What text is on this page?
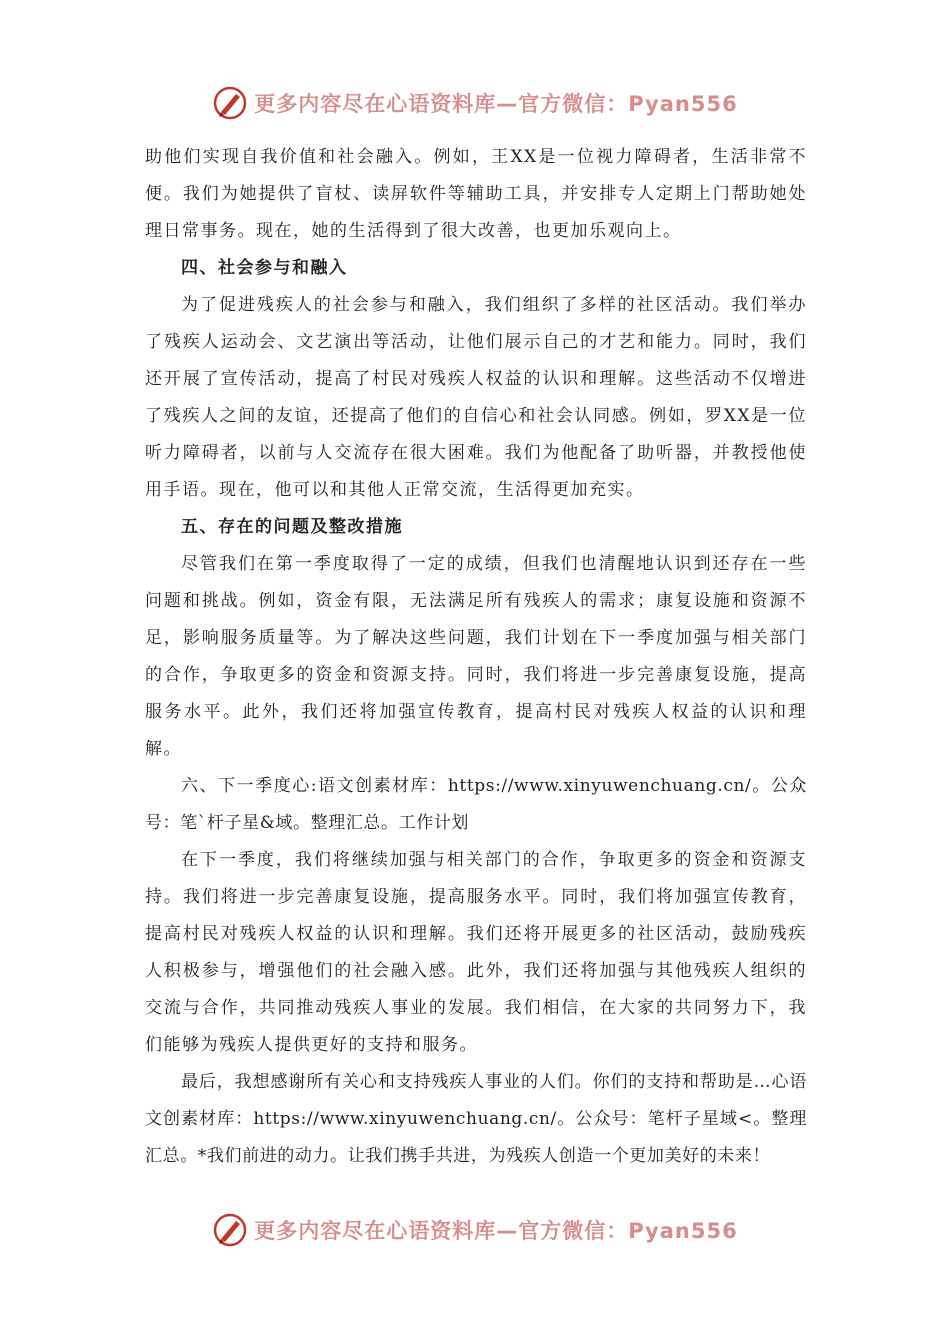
更多内容尽在心语资料库—官方微信：Pyan556

助他们实现自我价值和社会融入。例如，王XX是一位视力障碍者，生活非常不便。我们为她提供了盲杖、读屏软件等辅助工具，并安排专人定期上门帮助她处理日常事务。现在，她的生活得到了很大改善，也更加乐观向上。

四、社会参与和融入

为了促进残疾人的社会参与和融入，我们组织了多样的社区活动。我们举办了残疾人运动会、文艺演出等活动，让他们展示自己的才艺和能力。同时，我们还开展了宣传活动，提高了村民对残疾人权益的认识和理解。这些活动不仅增进了残疾人之间的友谊，还提高了他们的自信心和社会认同感。例如，罗XX是一位听力障碍者，以前与人交流存在很大困难。我们为他配备了助听器，并教授他使用手语。现在，他可以和其他人正常交流，生活得更加充实。

五、存在的问题及整改措施

尽管我们在第一季度取得了一定的成绩，但我们也清醒地认识到还存在一些问题和挑战。例如，资金有限，无法满足所有残疾人的需求；康复设施和资源不足，影响服务质量等。为了解决这些问题，我们计划在下一季度加强与相关部门的合作，争取更多的资金和资源支持。同时，我们将进一步完善康复设施，提高服务水平。此外，我们还将加强宣传教育，提高村民对残疾人权益的认识和理解。

六、下一季度心:语文创素材库：https://www.xinyuwenchuang.cn/。公众号：笔`杆子星&域。整理汇总。工作计划

在下一季度，我们将继续加强与相关部门的合作，争取更多的资金和资源支持。我们将进一步完善康复设施，提高服务水平。同时，我们将加强宣传教育，提高村民对残疾人权益的认识和理解。我们还将开展更多的社区活动，鼓励残疾人积极参与，增强他们的社会融入感。此外，我们还将加强与其他残疾人组织的交流与合作，共同推动残疾人事业的发展。我们相信，在大家的共同努力下，我们能够为残疾人提供更好的支持和服务。

最后，我想感谢所有关心和支持残疾人事业的人们。你们的支持和帮助是…心语文创素材库：https://www.xinyuwenchuang.cn/。公众号：笔杆子星域<。整理汇总。*我们前进的动力。让我们携手共进，为残疾人创造一个更加美好的未来！

更多内容尽在心语资料库—官方微信：Pyan556
